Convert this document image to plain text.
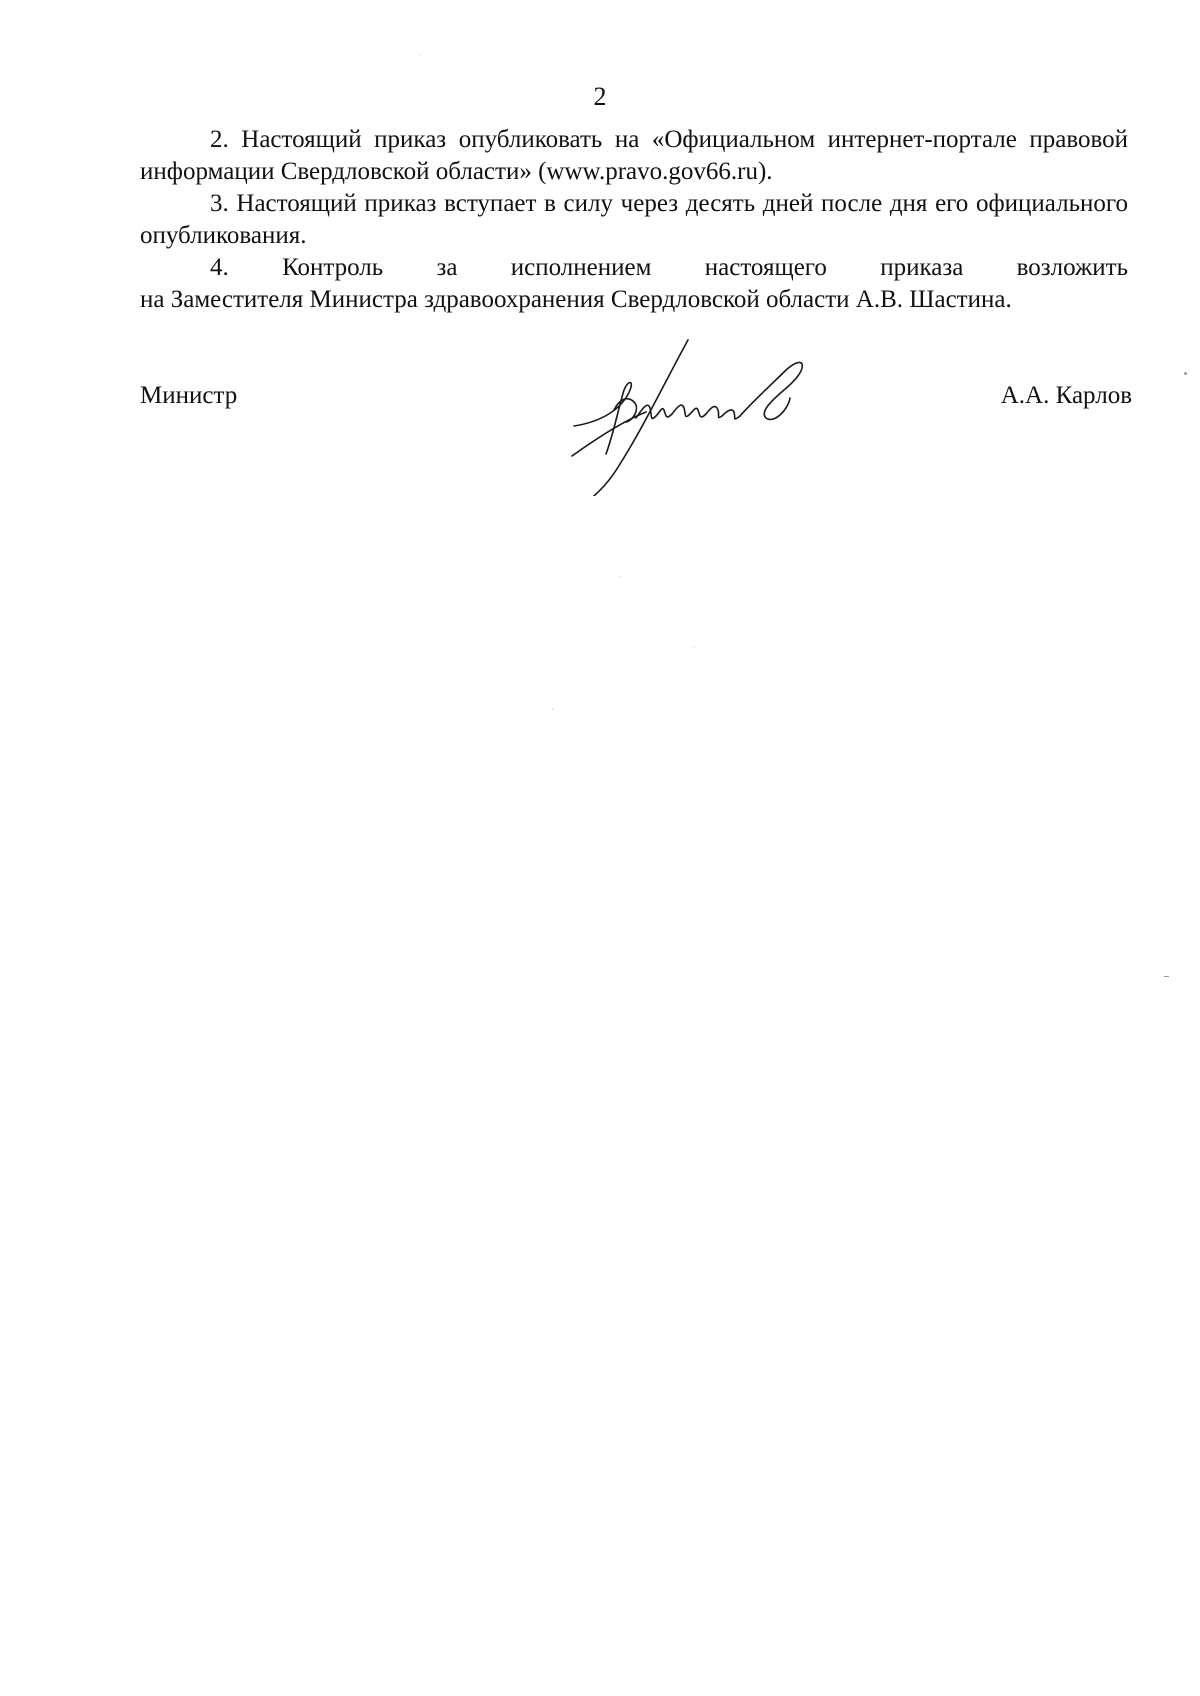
2

2. Настоящий приказ опубликовать на «Официальном интернет-портале правовой информации Свердловской области» (www.pravo.gov66.ru).

3. Настоящий приказ вступает в силу через десять дней после дня его официального опубликования.

4. Контроль за исполнением настоящего приказа возложить
на Заместителя Министра здравоохранения Свердловской области А.В. Шастина.

Министр	А.А. Карлов
